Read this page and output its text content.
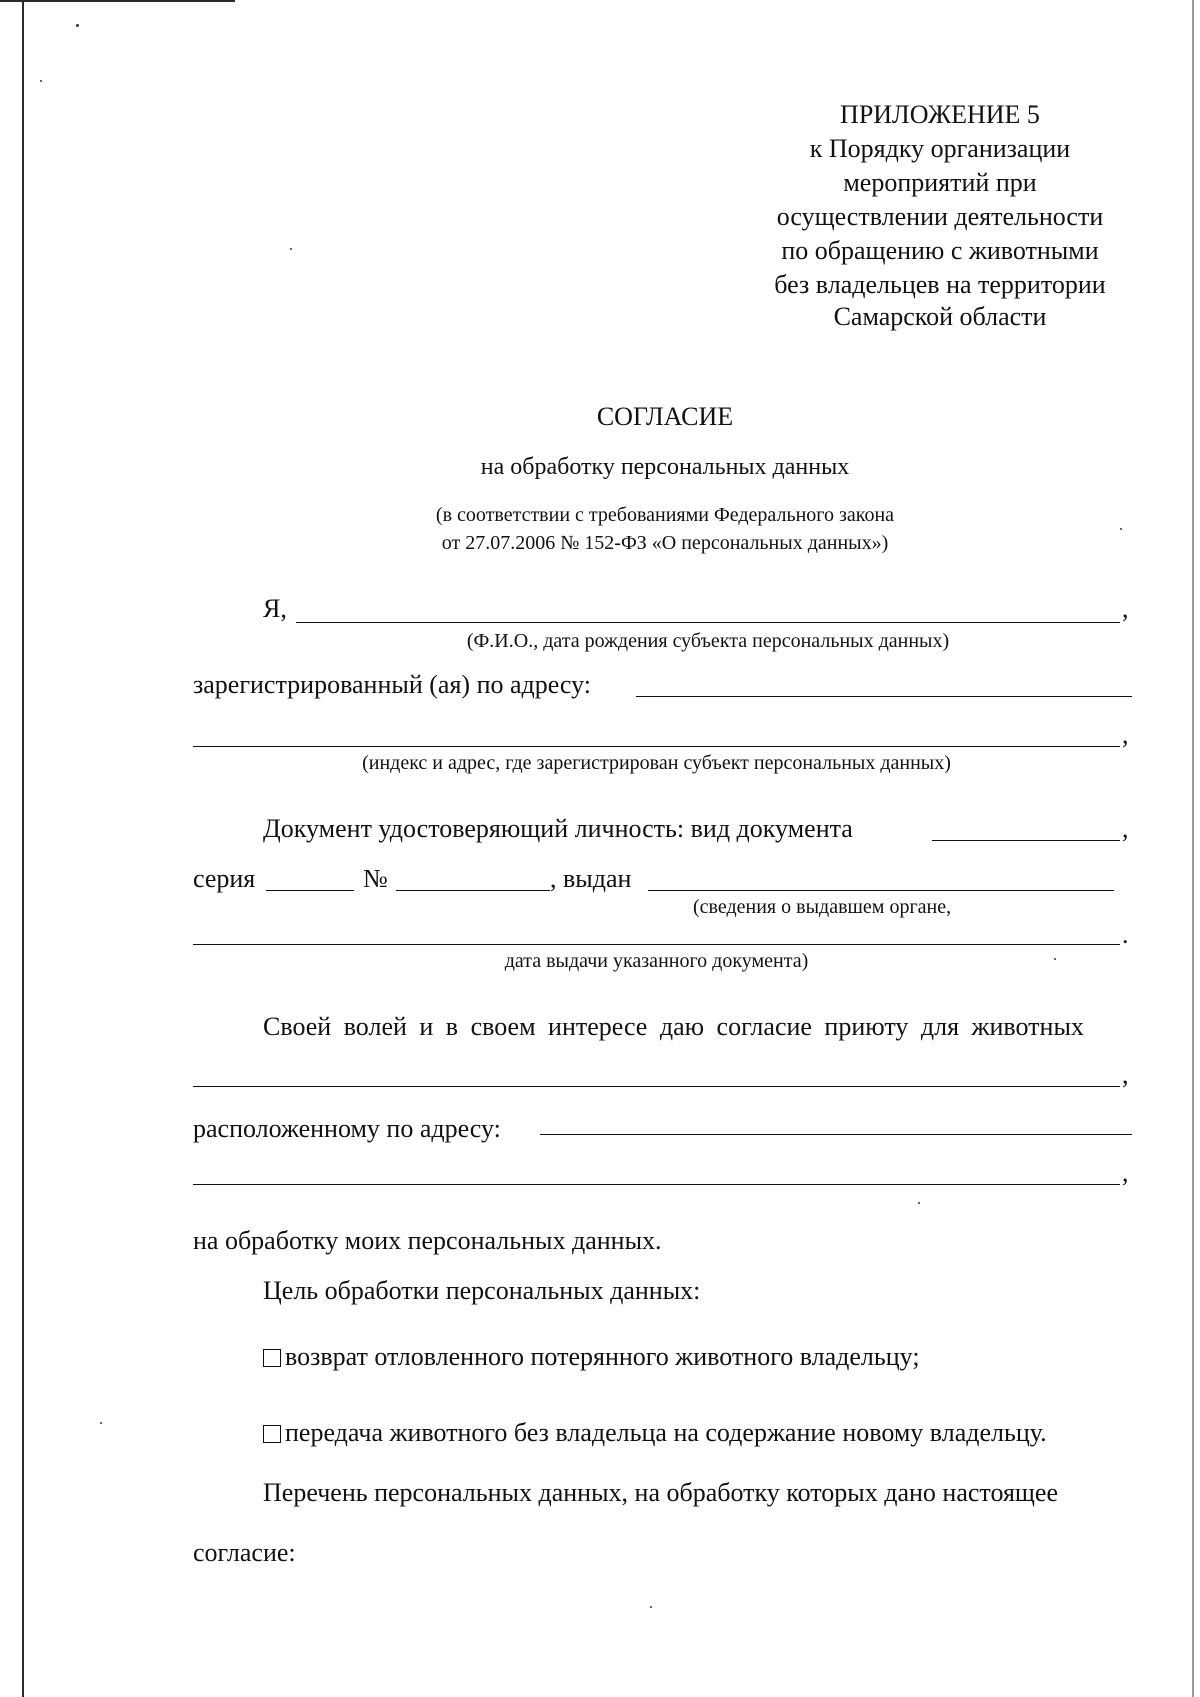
ПРИЛОЖЕНИЕ 5
к Порядку организации
мероприятий при
осуществлении деятельности
по обращению с животными
без владельцев на территории
Самарской области
СОГЛАСИЕ
на обработку персональных данных
(в соответствии с требованиями Федерального закона
от 27.07.2006 № 152-ФЗ «О персональных данных»)
Я,	,
(Ф.И.О., дата рождения субъекта персональных данных)
зарегистрированный (ая) по адресу:
,
(индекс и адрес, где зарегистрирован субъект персональных данных)
Документ удостоверяющий личность: вид документа	,
серия	№	, выдан
(сведения о выдавшем органе,
.
дата выдачи указанного документа)
Своей волей и в своем интересе даю согласие приюту для животных
,
расположенному по адресу:
,
на обработку моих персональных данных.
Цель обработки персональных данных:
возврат отловленного потерянного животного владельцу;
передача животного без владельца на содержание новому владельцу.
Перечень персональных данных, на обработку которых дано настоящее
согласие:
